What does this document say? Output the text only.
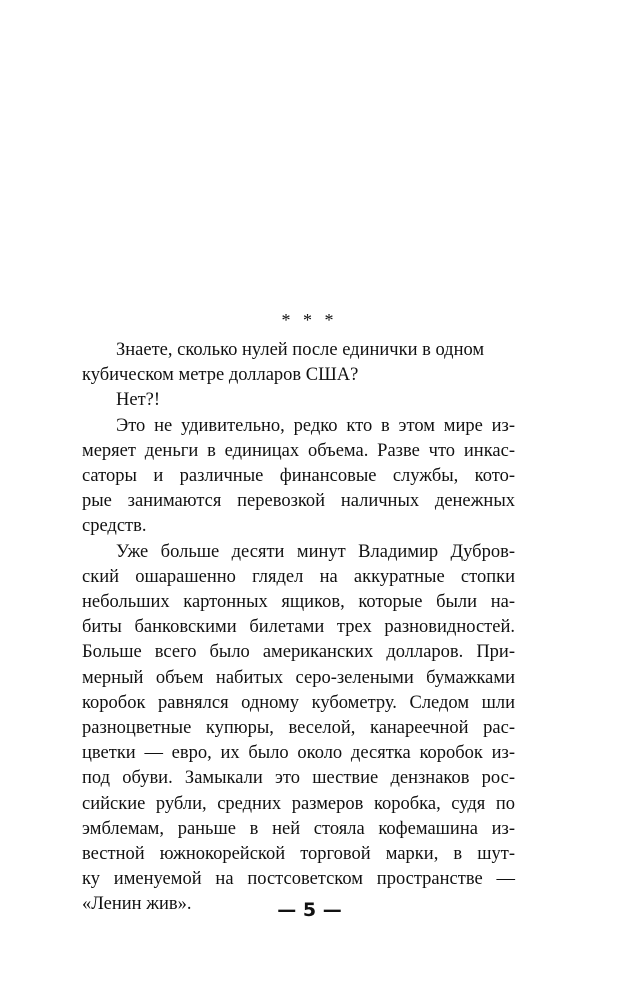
* * *
Знаете, сколько нулей после единички в одном
кубическом метре долларов США?
Нет?!
Это не удивительно, редко кто в этом мире из-
меряет деньги в единицах объема. Разве что инкас-
саторы и различные финансовые службы, кото-
рые занимаются перевозкой наличных денежных
средств.
Уже больше десяти минут Владимир Дубров-
ский ошарашенно глядел на аккуратные стопки
небольших картонных ящиков, которые были на-
биты банковскими билетами трех разновидностей.
Больше всего было американских долларов. При-
мерный объем набитых серо-зелеными бумажками
коробок равнялся одному кубометру. Следом шли
разноцветные купюры, веселой, канареечной рас-
цветки — евро, их было около десятка коробок из-
под обуви. Замыкали это шествие дензнаков рос-
сийские рубли, средних размеров коробка, судя по
эмблемам, раньше в ней стояла кофемашина из-
вестной южнокорейской торговой марки, в шут-
ку именуемой на постсоветском пространстве —
«Ленин жив».	— 5 —
